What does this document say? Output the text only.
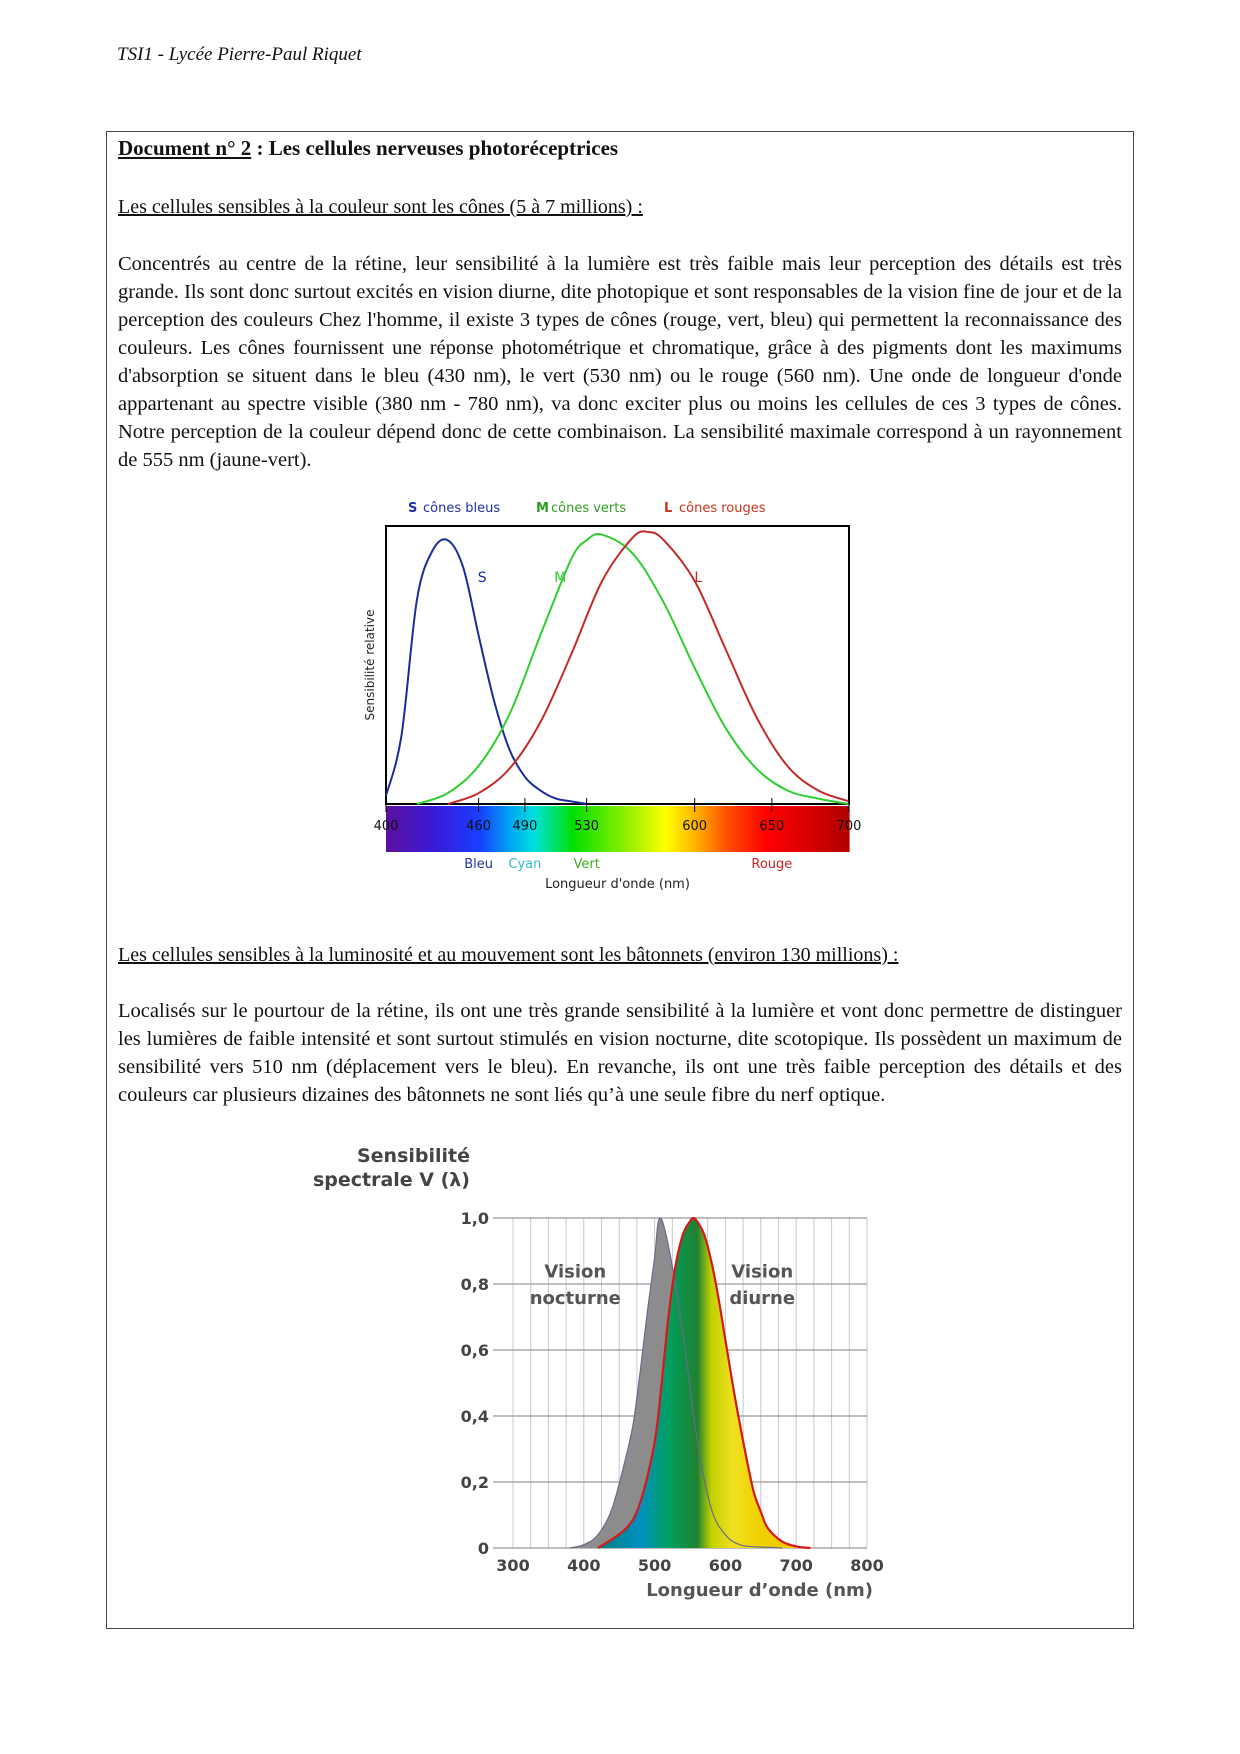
TSI1 - Lycée Pierre-Paul Riquet
Document n° 2 : Les cellules nerveuses photoréceptrices
Les cellules sensibles à la couleur sont les cônes (5 à 7 millions) :
Concentrés au centre de la rétine, leur sensibilité à la lumière est très faible mais leur perception des détails est très grande. Ils sont donc surtout excités en vision diurne, dite photopique et sont responsables de la vision fine de jour et de la perception des couleurs Chez l'homme, il existe 3 types de cônes (rouge, vert, bleu) qui permettent la reconnaissance des couleurs. Les cônes fournissent une réponse photométrique et chromatique, grâce à des pigments dont les maximums d'absorption se situent dans le bleu (430 nm), le vert (530 nm) ou le rouge (560 nm). Une onde de longueur d'onde appartenant au spectre visible (380 nm - 780 nm), va donc exciter plus ou moins les cellules de ces 3 types de cônes. Notre perception de la couleur dépend donc de cette combinaison. La sensibilité maximale correspond à un rayonnement de 555 nm (jaune-vert).
S cônes bleus	M cônes verts	L cônes rouges
Sensibilité relative
S	M	L
400	460 490	530	600	650	700
Bleu Cyan Vert	Rouge
Longueur d'onde (nm)
Les cellules sensibles à la luminosité et au mouvement sont les bâtonnets (environ 130 millions) :
Localisés sur le pourtour de la rétine, ils ont une très grande sensibilité à la lumière et vont donc permettre de distinguer les lumières de faible intensité et sont surtout stimulés en vision nocturne, dite scotopique. Ils possèdent un maximum de sensibilité vers 510 nm (déplacement vers le bleu). En revanche, ils ont une très faible perception des détails et des couleurs car plusieurs dizaines des bâtonnets ne sont liés qu’à une seule fibre du nerf optique.
Sensibilité
spectrale V (λ)
0
0,2
0,4
0,6
0,8
1,0
Vision
nocturne
Vision
diurne
300 400 500 600 700 800
Longueur d’onde (nm)
